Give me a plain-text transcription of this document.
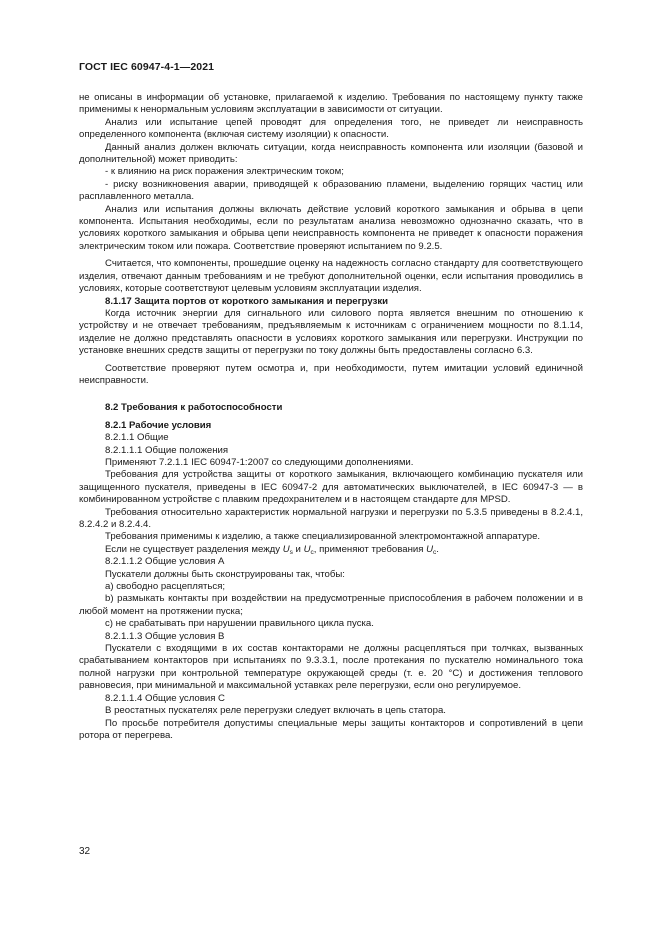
ГОСТ IEC 60947-4-1—2021

не описаны в информации об установке, прилагаемой к изделию. Требования по настоящему пункту также применимы к ненормальным условиям эксплуатации в зависимости от ситуации.

Анализ или испытание цепей проводят для определения того, не приведет ли неисправность определенного компонента (включая систему изоляции) к опасности.

Данный анализ должен включать ситуации, когда неисправность компонента или изоляции (базовой и дополнительной) может приводить:

- к влиянию на риск поражения электрическим током;

- риску возникновения аварии, приводящей к образованию пламени, выделению горящих частиц или расплавленного металла.

Анализ или испытания должны включать действие условий короткого замыкания и обрыва в цепи компонента. Испытания необходимы, если по результатам анализа невозможно однозначно сказать, что в условиях короткого замыкания и обрыва цепи неисправность компонента не приведет к опасности поражения электрическим током или пожара. Соответствие проверяют испытанием по 9.2.5.

Считается, что компоненты, прошедшие оценку на надежность согласно стандарту для соответствующего изделия, отвечают данным требованиям и не требуют дополнительной оценки, если испытания проводились в условиях, которые соответствуют целевым условиям эксплуатации изделия.

8.1.17 Защита портов от короткого замыкания и перегрузки

Когда источник энергии для сигнального или силового порта является внешним по отношению к устройству и не отвечает требованиям, предъявляемым к источникам с ограничением мощности по 8.1.14, изделие не должно представлять опасности в условиях короткого замыкания или перегрузки. Инструкции по установке внешних средств защиты от перегрузки по току должны быть предоставлены согласно 6.3.

Соответствие проверяют путем осмотра и, при необходимости, путем имитации условий единичной неисправности.

8.2 Требования к работоспособности

8.2.1 Рабочие условия

8.2.1.1 Общие

8.2.1.1.1 Общие положения

Применяют 7.2.1.1 IEC 60947-1:2007 со следующими дополнениями.

Требования для устройства защиты от короткого замыкания, включающего комбинацию пускателя или защищенного пускателя, приведены в IEC 60947-2 для автоматических выключателей, в IEC 60947-3 — в комбинированном устройстве с плавким предохранителем и в настоящем стандарте для MPSD.

Требования относительно характеристик нормальной нагрузки и перегрузки по 5.3.5 приведены в 8.2.4.1, 8.2.4.2 и 8.2.4.4.

Требования применимы к изделию, а также специализированной электромонтажной аппаратуре.

Если не существует разделения между $U_s$ и $U_c$, применяют требования $U_c$.

8.2.1.1.2 Общие условия А

Пускатели должны быть сконструированы так, чтобы:

a) свободно расцепляться;

b) размыкать контакты при воздействии на предусмотренные приспособления в рабочем положении и в любой момент на протяжении пуска;

c) не срабатывать при нарушении правильного цикла пуска.

8.2.1.1.3 Общие условия В

Пускатели с входящими в их состав контакторами не должны расцепляться при толчках, вызванных срабатыванием контакторов при испытаниях по 9.3.3.1, после протекания по пускателю номинального тока полной нагрузки при контрольной температуре окружающей среды (т. е. 20 °C) и достижения теплового равновесия, при минимальной и максимальной уставках реле перегрузки, если оно регулируемое.

8.2.1.1.4 Общие условия С

В реостатных пускателях реле перегрузки следует включать в цепь статора.

По просьбе потребителя допустимы специальные меры защиты контакторов и сопротивлений в цепи ротора от перегрева.

32
